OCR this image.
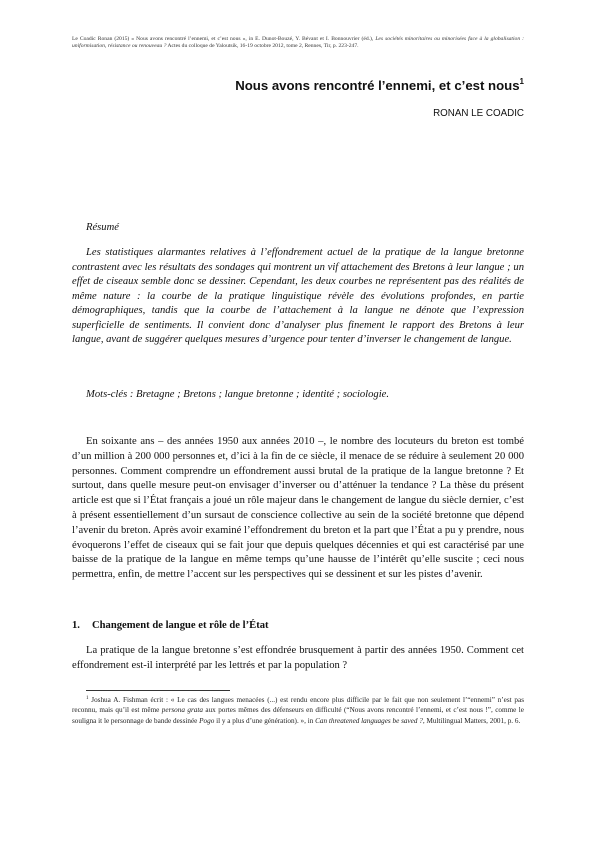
Le Coadic Ronan (2015) « Nous avons rencontré l’ennemi, et c’est nous », in E. Dunot-Bouzé, Y. Bévant et I. Bonnouvrier (éd.), Les sociétés minoritaires ou minorisées face à la globalisation : uniformisation, résistance ou renouveau ? Actes du colloque de Yaloutsik, 16-19 octobre 2012, tome 2, Rennes, Tir, p. 223-247.
Nous avons rencontré l’ennemi, et c’est nous$^1$
RONAN LE COADIC
Résumé

Les statistiques alarmantes relatives à l’effondrement actuel de la pratique de la langue bretonne contrastent avec les résultats des sondages qui montrent un vif attachement des Bretons à leur langue ; un effet de ciseaux semble donc se dessiner. Cependant, les deux courbes ne représentent pas des réalités de même nature : la courbe de la pratique linguistique révèle des évolutions profondes, en partie démographiques, tandis que la courbe de l’attachement à la langue ne dénote que l’expression superficielle de sentiments. Il convient donc d’analyser plus finement le rapport des Bretons à leur langue, avant de suggérer quelques mesures d’urgence pour tenter d’inverser le changement de langue.

Mots-clés : Bretagne ; Bretons ; langue bretonne ; identité ; sociologie.

En soixante ans – des années 1950 aux années 2010 –, le nombre des locuteurs du breton est tombé d’un million à 200 000 personnes et, d’ici à la fin de ce siècle, il menace de se réduire à seulement 20 000 personnes. Comment comprendre un effondrement aussi brutal de la pratique de la langue bretonne ? Et surtout, dans quelle mesure peut-on envisager d’inverser ou d’atténuer la tendance ? La thèse du présent article est que si l’État français a joué un rôle majeur dans le changement de langue du siècle dernier, c’est à présent essentiellement d’un sursaut de conscience collective au sein de la société bretonne que dépend l’avenir du breton. Après avoir examiné l’effondrement du breton et la part que l’État a pu y prendre, nous évoquerons l’effet de ciseaux qui se fait jour que depuis quelques décennies et qui est caractérisé par une baisse de la pratique de la langue en même temps qu’une hausse de l’intérêt qu’elle suscite ; ceci nous permettra, enfin, de mettre l’accent sur les perspectives qui se dessinent et sur les pistes d’avenir.

1. Changement de langue et rôle de l’État

La pratique de la langue bretonne s’est effondrée brusquement à partir des années 1950. Comment cet effondrement est-il interprété par les lettrés et par la population ?

$^1$ Joshua A. Fishman écrit : « Le cas des langues menacées (...) est rendu encore plus difficile par le fait que non seulement l’“ennemi” n’est pas reconnu, mais qu’il est même persona grata aux portes mêmes des défenseurs en difficulté (“Nous avons rencontré l’ennemi, et c’est nous !”, comme le souligna it le personnage de bande dessinée Pogo il y a plus d’une génération). », in Can threatened languages be saved ?, Multilingual Matters, 2001, p. 6.
